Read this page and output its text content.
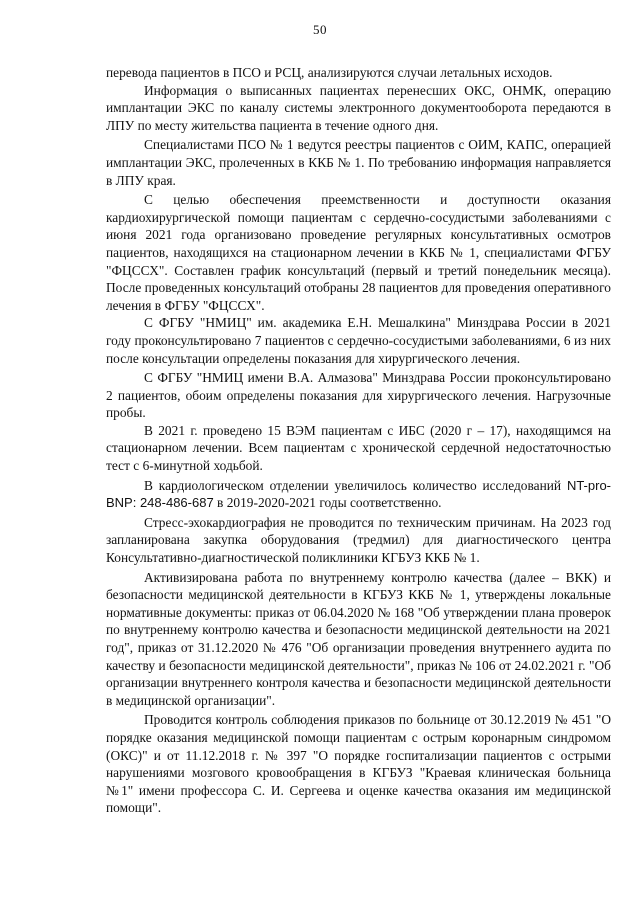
50

перевода пациентов в ПСО и РСЦ, анализируются случаи летальных исходов.

Информация о выписанных пациентах перенесших ОКС, ОНМК, операцию имплантации ЭКС по каналу системы электронного документооборота передаются в ЛПУ по месту жительства пациента в течение одного дня.

Специалистами ПСО № 1 ведутся реестры пациентов с ОИМ, КАПС, операцией имплантации ЭКС, пролеченных в ККБ № 1. По требованию информация направляется в ЛПУ края.

С целью обеспечения преемственности и доступности оказания кардиохирургической помощи пациентам с сердечно-сосудистыми заболеваниями с июня 2021 года организовано проведение регулярных консультативных осмотров пациентов, находящихся на стационарном лечении в ККБ № 1, специалистами ФГБУ "ФЦССХ". Составлен график консультаций (первый и третий понедельник месяца). После проведенных консультаций отобраны 28 пациентов для проведения оперативного лечения в ФГБУ "ФЦССХ".

С ФГБУ "НМИЦ" им. академика Е.Н. Мешалкина" Минздрава России в 2021 году проконсультировано 7 пациентов с сердечно-сосудистыми заболеваниями, 6 из них после консультации определены показания для хирургического лечения.

С ФГБУ "НМИЦ имени В.А. Алмазова" Минздрава России проконсультировано 2 пациентов, обоим определены показания для хирургического лечения. Нагрузочные пробы.

В 2021 г. проведено 15 ВЭМ пациентам с ИБС (2020 г – 17), находящимся на стационарном лечении. Всем пациентам с хронической сердечной недостаточностью тест с 6-минутной ходьбой.

В кардиологическом отделении увеличилось количество исследований NT-pro-BNP: 248-486-687 в 2019-2020-2021 годы соответственно.

Стресс-эхокардиография не проводится по техническим причинам. На 2023 год запланирована закупка оборудования (тредмил) для диагностического центра Консультативно-диагностической поликлиники КГБУЗ ККБ № 1.

Активизирована работа по внутреннему контролю качества (далее – ВКК) и безопасности медицинской деятельности в КГБУЗ ККБ № 1, утверждены локальные нормативные документы: приказ от 06.04.2020 № 168 "Об утверждении плана проверок по внутреннему контролю качества и безопасности медицинской деятельности на 2021 год", приказ от 31.12.2020 № 476 "Об организации проведения внутреннего аудита по качеству и безопасности медицинской деятельности", приказ № 106 от 24.02.2021 г. "Об организации внутреннего контроля качества и безопасности медицинской деятельности в медицинской организации".

Проводится контроль соблюдения приказов по больнице от 30.12.2019 № 451 "О порядке оказания медицинской помощи пациентам с острым коронарным синдромом (ОКС)" и от 11.12.2018 г. № 397 "О порядке госпитализации пациентов с острыми нарушениями мозгового кровообращения в КГБУЗ "Краевая клиническая больница №1" имени профессора С. И. Сергеева и оценке качества оказания им медицинской помощи".
